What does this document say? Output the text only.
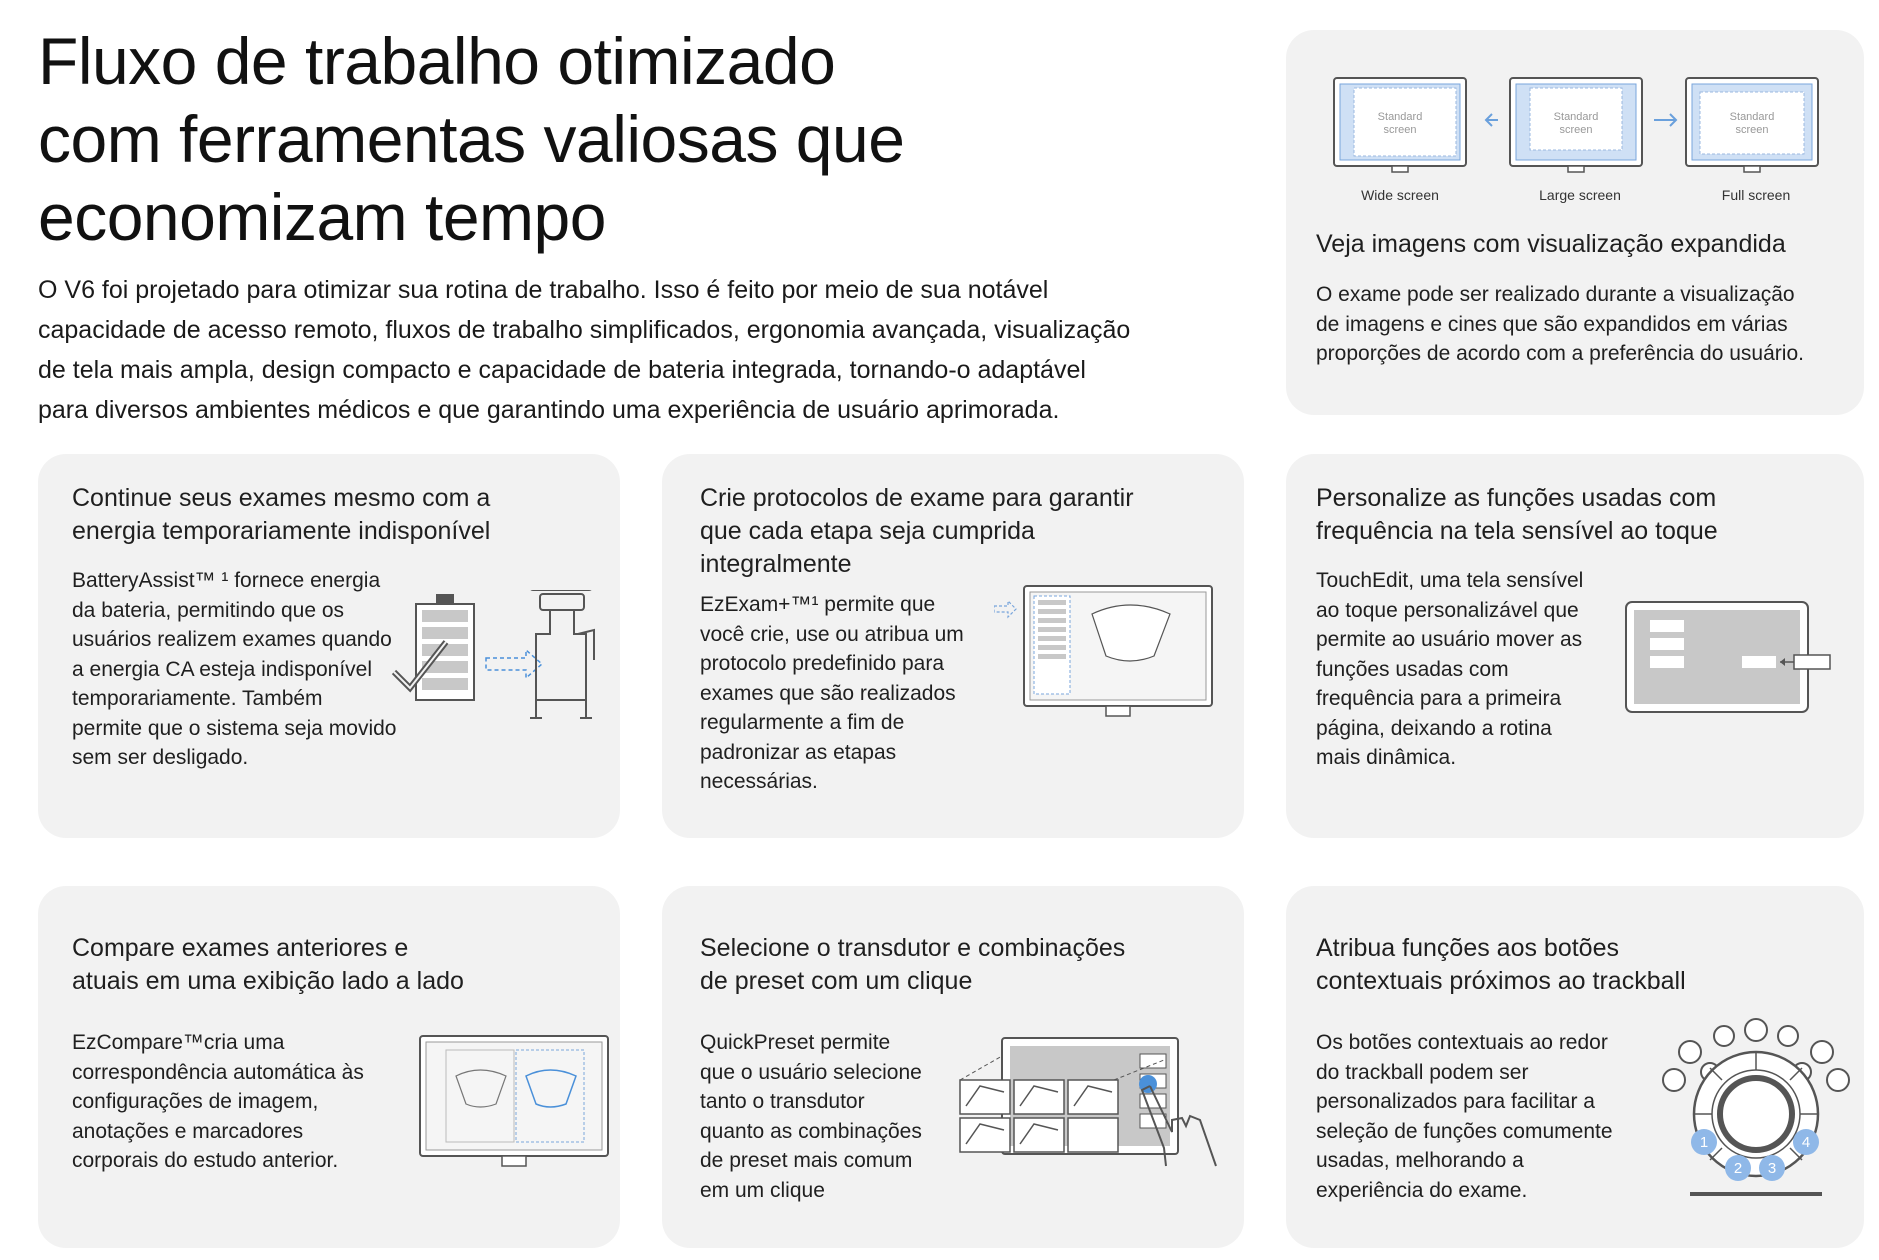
Fluxo de trabalho otimizado
com ferramentas valiosas que
economizam tempo

O V6 foi projetado para otimizar sua rotina de trabalho. Isso é feito por meio de sua notável
capacidade de acesso remoto, fluxos de trabalho simplificados, ergonomia avançada, visualização
de tela mais ampla, design compacto e capacidade de bateria integrada, tornando-o adaptável
para diversos ambientes médicos e que garantindo uma experiência de usuário aprimorada.

Standard
screen
Standard
screen
Standard
screen
Wide screen	Large screen	Full screen
Veja imagens com visualização expandida
O exame pode ser realizado durante a visualização
de imagens e cines que são expandidos em várias
proporções de acordo com a preferência do usuário.
Continue seus exames mesmo com a
energia temporariamente indisponível
BatteryAssist™ ¹ fornece energia
da bateria, permitindo que os
usuários realizem exames quando
a energia CA esteja indisponível
temporariamente. Também
permite que o sistema seja movido
sem ser desligado.
Crie protocolos de exame para garantir
que cada etapa seja cumprida
integralmente
EzExam+™¹ permite que
você crie, use ou atribua um
protocolo predefinido para
exames que são realizados
regularmente a fim de
padronizar as etapas
necessárias.
Personalize as funções usadas com
frequência na tela sensível ao toque
TouchEdit, uma tela sensível
ao toque personalizável que
permite ao usuário mover as
funções usadas com
frequência para a primeira
página, deixando a rotina
mais dinâmica.
Compare exames anteriores e
atuais em uma exibição lado a lado
EzCompare™cria uma
correspondência automática às
configurações de imagem,
anotações e marcadores
corporais do estudo anterior.
Selecione o transdutor e combinações
de preset com um clique
QuickPreset permite
que o usuário selecione
tanto o transdutor
quanto as combinações
de preset mais comum
em um clique
Atribua funções aos botões
contextuais próximos ao trackball
Os botões contextuais ao redor
do trackball podem ser
personalizados para facilitar a
seleção de funções comumente
usadas, melhorando a
experiência do exame.
1
2 3
4
